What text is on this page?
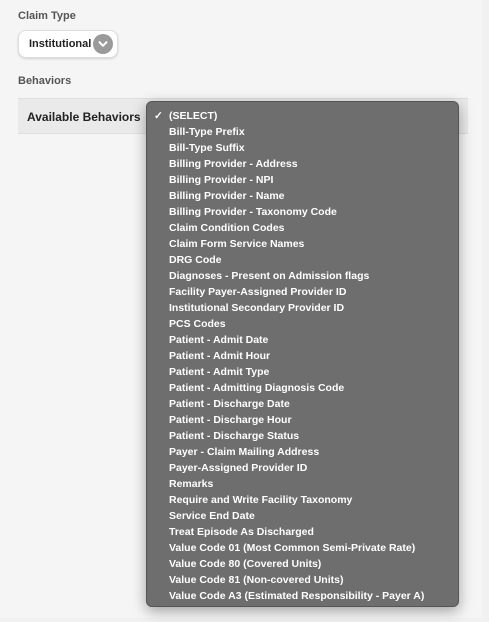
Claim Type
Institutional
Behaviors
Available Behaviors ✓ (SELECT)
Bill-Type Prefix
Bill-Type Suffix
Billing Provider - Address
Billing Provider - NPI
Billing Provider - Name
Billing Provider - Taxonomy Code
Claim Condition Codes
Claim Form Service Names
DRG Code
Diagnoses - Present on Admission flags
Facility Payer-Assigned Provider ID
Institutional Secondary Provider ID
PCS Codes
Patient - Admit Date
Patient - Admit Hour
Patient - Admit Type
Patient - Admitting Diagnosis Code
Patient - Discharge Date
Patient - Discharge Hour
Patient - Discharge Status
Payer - Claim Mailing Address
Payer-Assigned Provider ID
Remarks
Require and Write Facility Taxonomy
Service End Date
Treat Episode As Discharged
Value Code 01 (Most Common Semi-Private Rate)
Value Code 80 (Covered Units)
Value Code 81 (Non-covered Units)
Value Code A3 (Estimated Responsibility - Payer A)
